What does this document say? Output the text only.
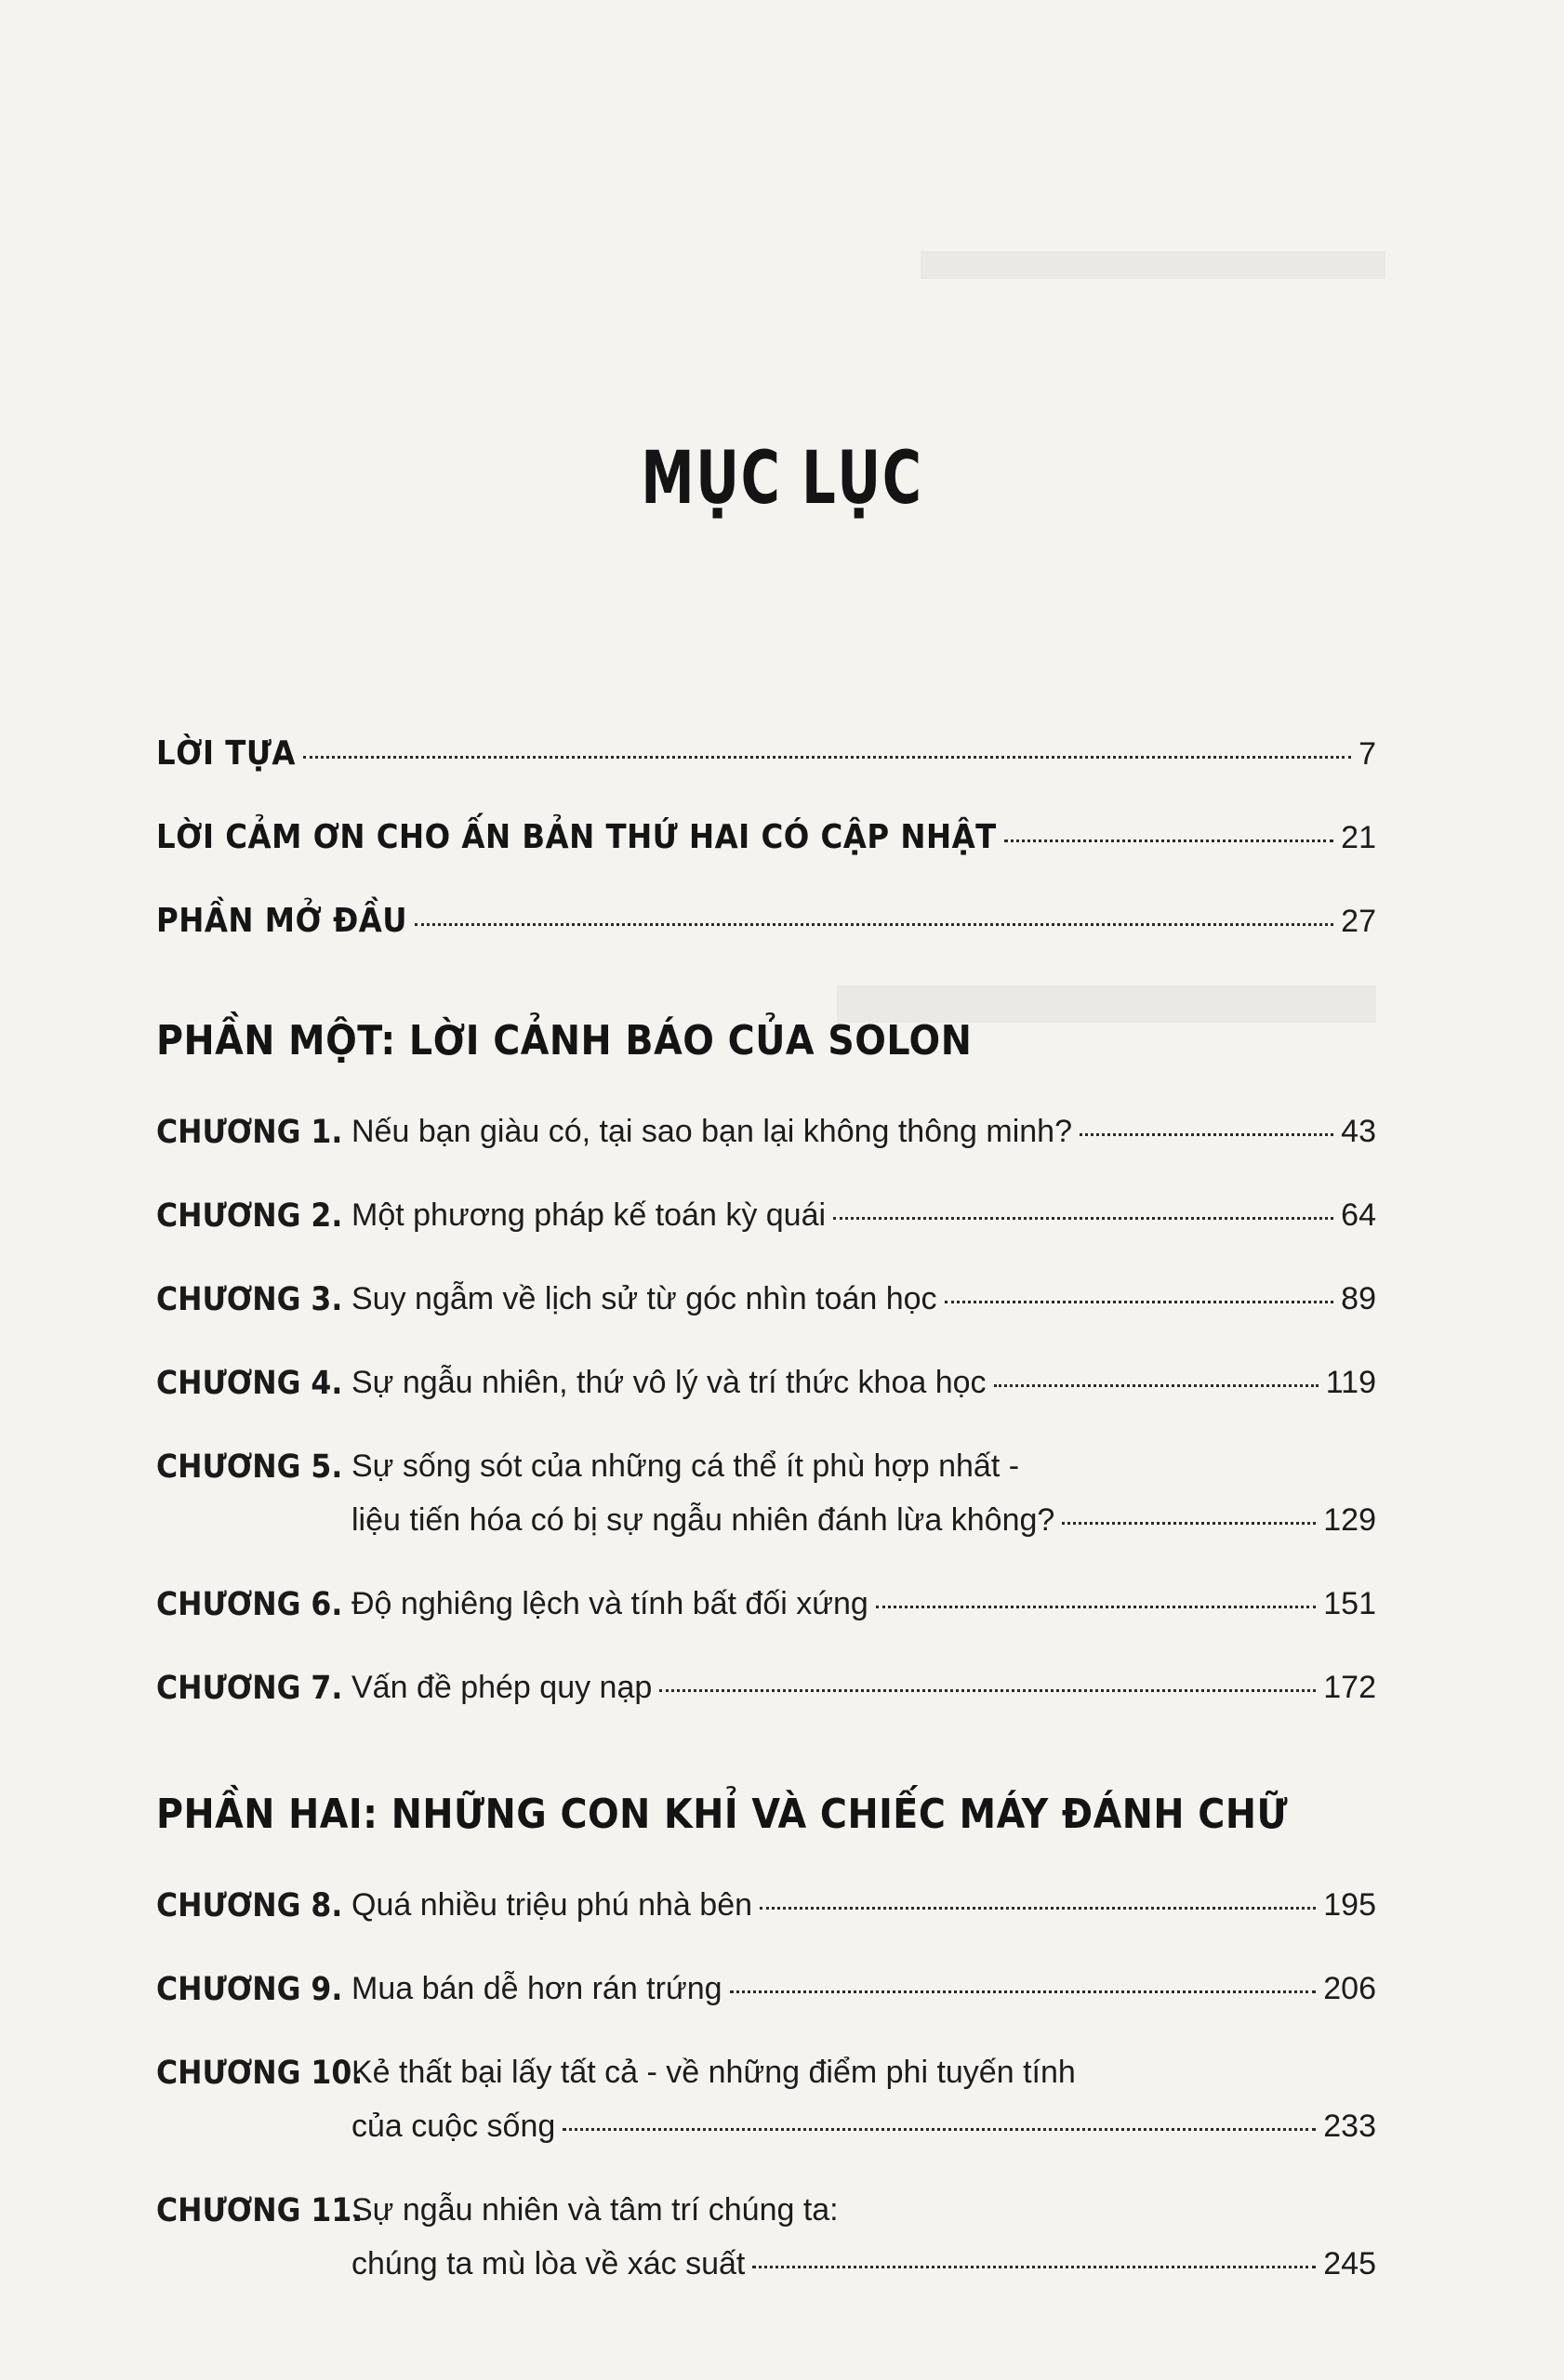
MỤC LỤC
LỜI TỰA	7
LỜI CẢM ƠN CHO ẤN BẢN THỨ HAI CÓ CẬP NHẬT	21
PHẦN MỞ ĐẦU	27
PHẦN MỘT: LỜI CẢNH BÁO CỦA SOLON
CHƯƠNG 1. Nếu bạn giàu có, tại sao bạn lại không thông minh?	43
CHƯƠNG 2. Một phương pháp kế toán kỳ quái	64
CHƯƠNG 3. Suy ngẫm về lịch sử từ góc nhìn toán học	89
CHƯƠNG 4. Sự ngẫu nhiên, thứ vô lý và trí thức khoa học	119
CHƯƠNG 5. Sự sống sót của những cá thể ít phù hợp nhất -
liệu tiến hóa có bị sự ngẫu nhiên đánh lừa không?	129
CHƯƠNG 6. Độ nghiêng lệch và tính bất đối xứng	151
CHƯƠNG 7. Vấn đề phép quy nạp	172
PHẦN HAI: NHỮNG CON KHỈ VÀ CHIẾC MÁY ĐÁNH CHỮ
CHƯƠNG 8. Quá nhiều triệu phú nhà bên	195
CHƯƠNG 9. Mua bán dễ hơn rán trứng	206
CHƯƠNG 10.
Kẻ thất bại lấy tất cả - về những điểm phi tuyến tính
của cuộc sống	233
CHƯƠNG 11.
Sự ngẫu nhiên và tâm trí chúng ta:
chúng ta mù lòa về xác suất	245
